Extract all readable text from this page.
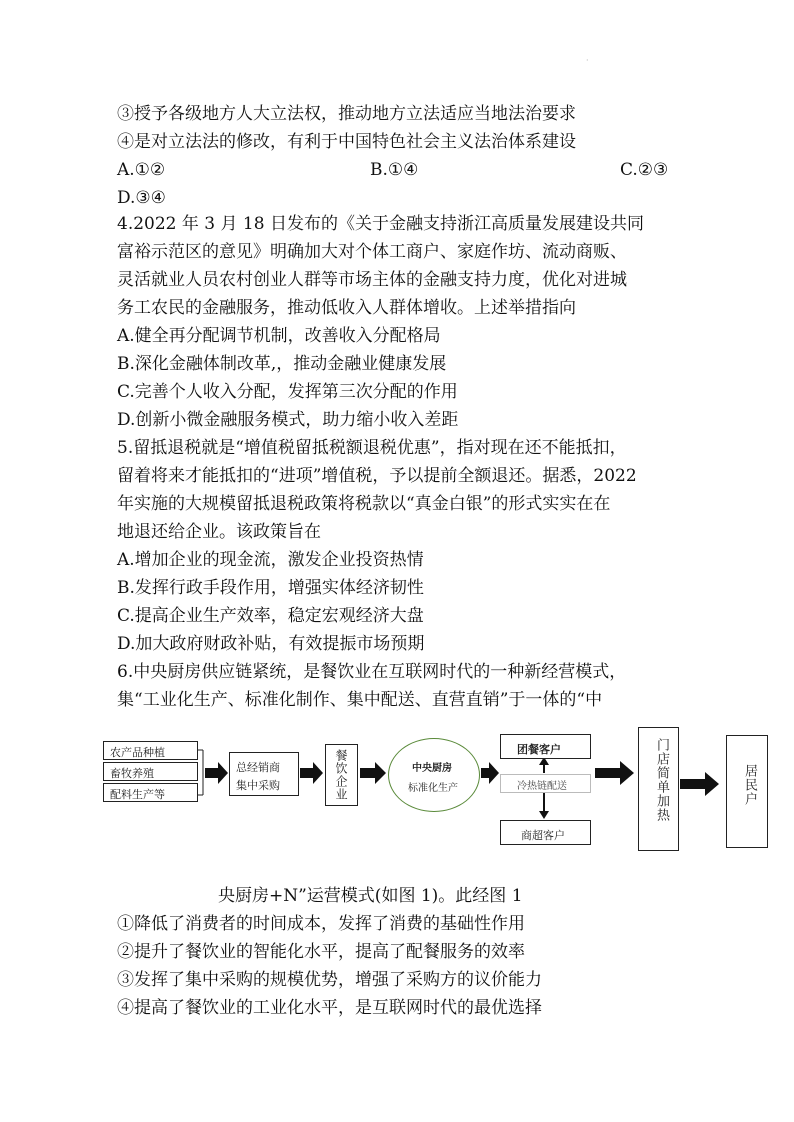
·
③授予各级地方人大立法权，推动地方立法适应当地法治要求
④是对立法法的修改，有利于中国特色社会主义法治体系建设
A.①②	B.①④	C.②③
D.③④
4.2022 年 3 月 18 日发布的《关于金融支持浙江高质量发展建设共同
富裕示范区的意见》明确加大对个体工商户、家庭作坊、流动商贩、
灵活就业人员农村创业人群等市场主体的金融支持力度，优化对进城
务工农民的金融服务，推动低收入人群体增收。上述举措指向
A.健全再分配调节机制，改善收入分配格局
B.深化金融体制改革,，推动金融业健康发展
C.完善个人收入分配，发挥第三次分配的作用
D.创新小微金融服务模式，助力缩小收入差距
5.留抵退税就是“增值税留抵税额退税优惠”，指对现在还不能抵扣，
留着将来才能抵扣的“进项”增值税，予以提前全额退还。据悉，2022
年实施的大规模留抵退税政策将税款以“真金白银”的形式实实在在
地退还给企业。该政策旨在
A.增加企业的现金流，激发企业投资热情
B.发挥行政手段作用，增强实体经济韧性
C.提高企业生产效率，稳定宏观经济大盘
D.加大政府财政补贴，有效提振市场预期
6.中央厨房供应链紧统，是餐饮业在互联网时代的一种新经营模式，
集“工业化生产、标准化制作、集中配送、直营直销”于一体的“中
农产品种植
畜牧养殖
配料生产等
总经销商
集中采购	餐饮企业	中央厨房
标准化生产
团餐客户
冷热链配送
商超客户
门店简单加热	居民户
央厨房+N”运营模式(如图 1)。此经图 1
①降低了消费者的时间成本，发挥了消费的基础性作用
②提升了餐饮业的智能化水平，提高了配餐服务的效率
③发挥了集中采购的规模优势，增强了采购方的议价能力
④提高了餐饮业的工业化水平，是互联网时代的最优选择
